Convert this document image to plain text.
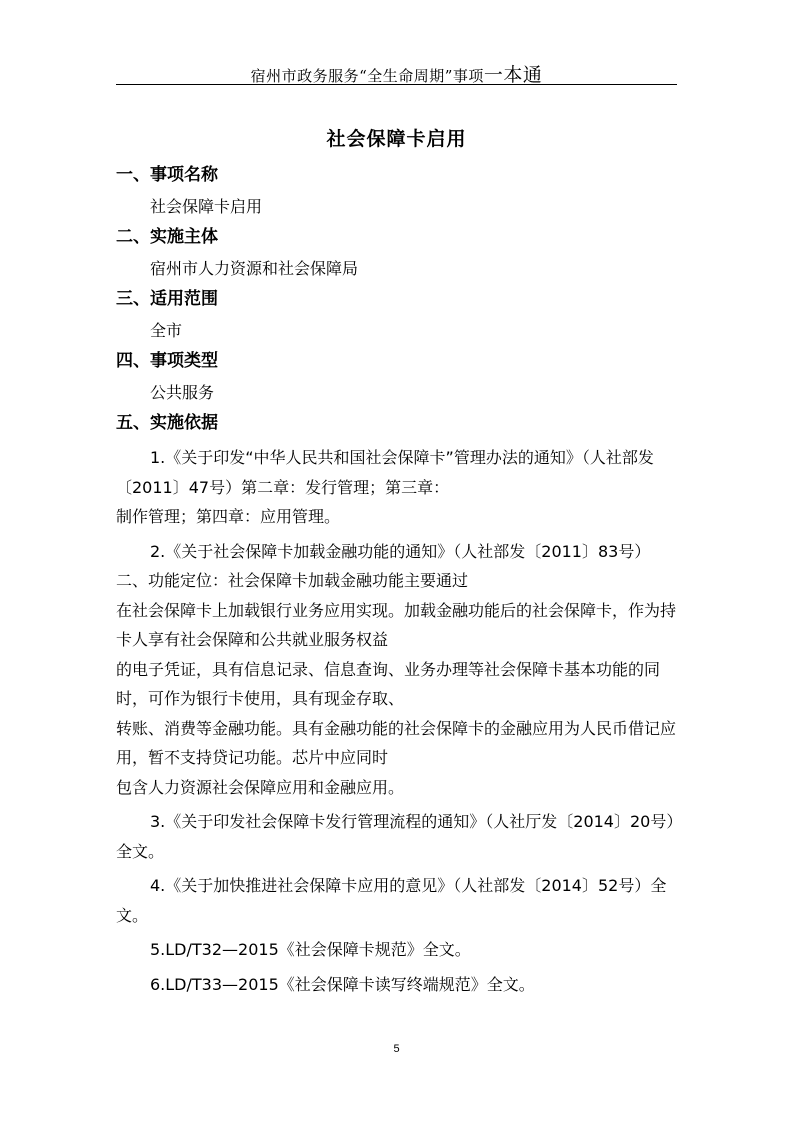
宿州市政务服务“全生命周期”事项一本通
社会保障卡启用
一、事项名称
社会保障卡启用
二、实施主体
宿州市人力资源和社会保障局
三、适用范围
全市
四、事项类型
公共服务
五、实施依据

1.《关于印发“中华人民共和国社会保障卡”管理办法的通知》（人社部发〔2011〕47号）第二章：发行管理；第三章：

制作管理；第四章：应用管理。

2.《关于社会保障卡加载金融功能的通知》（人社部发〔2011〕83号）二、功能定位：社会保障卡加载金融功能主要通过

在社会保障卡上加载银行业务应用实现。加载金融功能后的社会保障卡，作为持卡人享有社会保障和公共就业服务权益

的电子凭证，具有信息记录、信息查询、业务办理等社会保障卡基本功能的同时，可作为银行卡使用，具有现金存取、

转账、消费等金融功能。具有金融功能的社会保障卡的金融应用为人民币借记应用，暂不支持贷记功能。芯片中应同时

包含人力资源社会保障应用和金融应用。

3.《关于印发社会保障卡发行管理流程的通知》（人社厅发〔2014〕20号）全文。

4.《关于加快推进社会保障卡应用的意见》（人社部发〔2014〕52号）全文。

5.LD/T32—2015《社会保障卡规范》全文。

6.LD/T33—2015《社会保障卡读写终端规范》全文。

5
